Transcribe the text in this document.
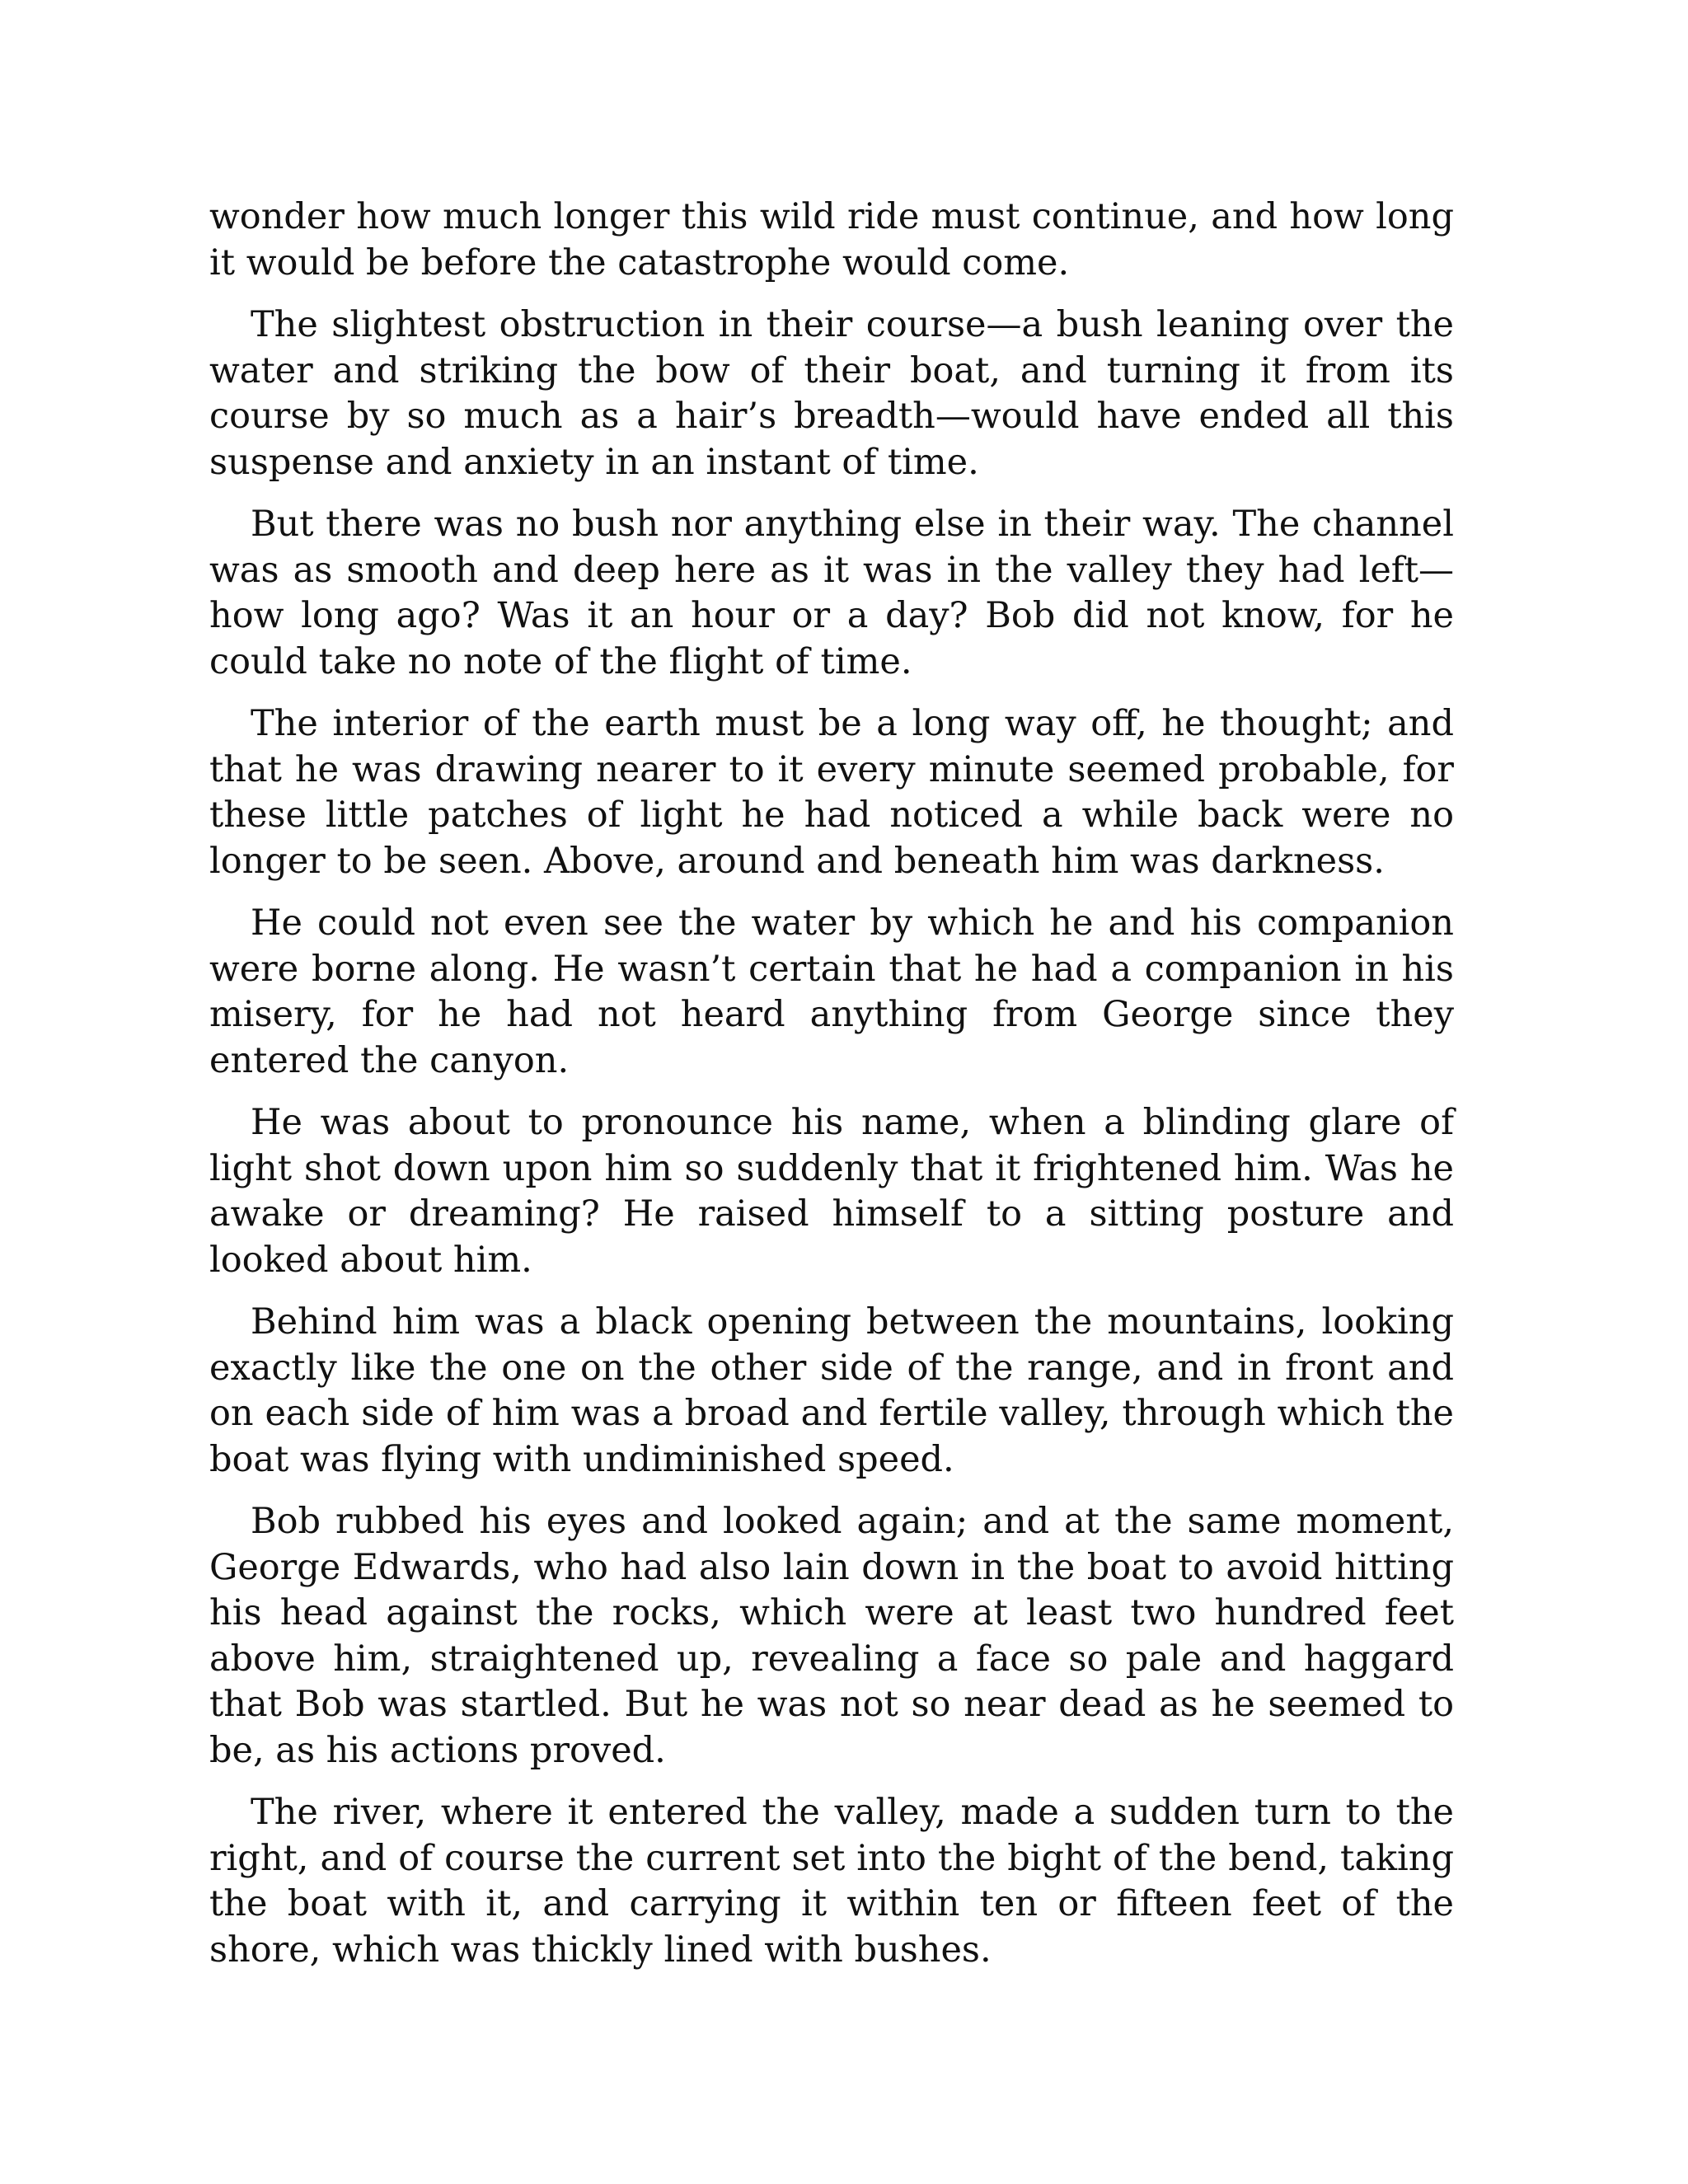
wonder how much longer this wild ride must continue, and how long it would be before the catastrophe would come.

The slightest obstruction in their course—a bush leaning over the water and striking the bow of their boat, and turning it from its course by so much as a hair’s breadth—would have ended all this suspense and anxiety in an instant of time.

But there was no bush nor anything else in their way. The channel was as smooth and deep here as it was in the valley they had left—how long ago? Was it an hour or a day? Bob did not know, for he could take no note of the flight of time.

The interior of the earth must be a long way off, he thought; and that he was drawing nearer to it every minute seemed probable, for these little patches of light he had noticed a while back were no longer to be seen. Above, around and beneath him was darkness.

He could not even see the water by which he and his companion were borne along. He wasn’t certain that he had a companion in his misery, for he had not heard anything from George since they entered the canyon.

He was about to pronounce his name, when a blinding glare of light shot down upon him so suddenly that it frightened him. Was he awake or dreaming? He raised himself to a sitting posture and looked about him.

Behind him was a black opening between the mountains, looking exactly like the one on the other side of the range, and in front and on each side of him was a broad and fertile valley, through which the boat was flying with undiminished speed.

Bob rubbed his eyes and looked again; and at the same moment, George Edwards, who had also lain down in the boat to avoid hitting his head against the rocks, which were at least two hundred feet above him, straightened up, revealing a face so pale and haggard that Bob was startled. But he was not so near dead as he seemed to be, as his actions proved.

The river, where it entered the valley, made a sudden turn to the right, and of course the current set into the bight of the bend, taking the boat with it, and carrying it within ten or fifteen feet of the shore, which was thickly lined with bushes.
